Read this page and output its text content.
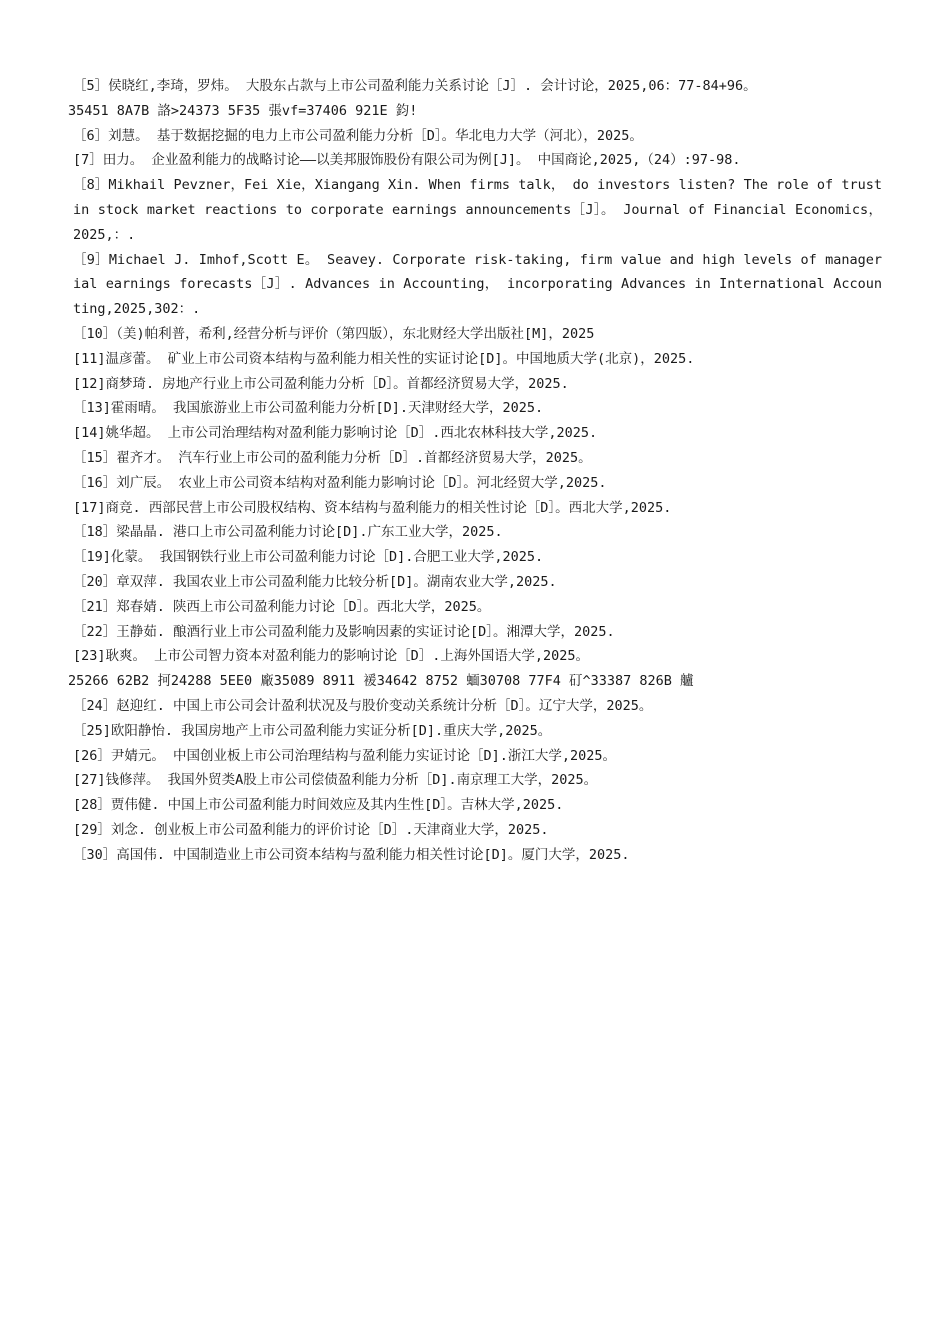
［5］侯晓红,李琦，罗炜。 大股东占款与上市公司盈利能力关系讨论［J］. 会计讨论，2025,06：77-84+96。

35451 8A7B 詻>24373 5F35 張vf=37406 921E 鈞!

［6］刘慧。 基于数据挖掘的电力上市公司盈利能力分析［D］。华北电力大学（河北），2025。

[7］田力。 企业盈利能力的战略讨论——以美邦服饰股份有限公司为例[J]。 中国商论,2025,（24）:97-98.

［8］Mikhail Pevzner，Fei Xie，Xiangang Xin. When firms talk， do investors listen? The role of trust in stock market reactions to corporate earnings announcements［J］。 Journal of Financial Economics，2025,：.

［9］Michael J. Imhof,Scott E。 Seavey. Corporate risk-taking, firm value and high levels of managerial earnings forecasts［J］. Advances in Accounting， incorporating Advances in International Accounting,2025,302：.

［10］（美)帕利普，希利,经营分析与评价（第四版），东北财经大学出版社[M]，2025

[11]温彦蕾。 矿业上市公司资本结构与盈利能力相关性的实证讨论[D]。中国地质大学(北京)，2025.

[12]商梦琦. 房地产行业上市公司盈利能力分析［D］。首都经济贸易大学，2025.

［13]霍雨晴。 我国旅游业上市公司盈利能力分析[D].天津财经大学，2025.

[14]姚华超。 上市公司治理结构对盈利能力影响讨论［D］.西北农林科技大学,2025.

［15］翟齐才。 汽车行业上市公司的盈利能力分析［D］.首都经济贸易大学，2025。

［16］刘广辰。 农业上市公司资本结构对盈利能力影响讨论［D］。河北经贸大学,2025.

[17]商竞. 西部民营上市公司股权结构、资本结构与盈利能力的相关性讨论［D］。西北大学,2025.

［18］梁晶晶. 港口上市公司盈利能力讨论[D].广东工业大学，2025.

［19]化蒙。 我国钢铁行业上市公司盈利能力讨论［D].合肥工业大学,2025.

［20］章双萍. 我国农业上市公司盈利能力比较分析[D]。湖南农业大学,2025.

［21］郑春婧. 陕西上市公司盈利能力讨论［D］。西北大学，2025。

［22］王静茹. 酿酒行业上市公司盈利能力及影响因素的实证讨论[D］。湘潭大学，2025.

[23]耿爽。 上市公司智力资本对盈利能力的影响讨论［D］.上海外国语大学,2025。

25266 62B2 抲24288 5EE0 廠35089 8911 褑34642 8752 蝒30708 77F4 矴^33387 826B 艫

［24］赵迎红. 中国上市公司会计盈利状况及与股价变动关系统计分析［D］。辽宁大学，2025。

［25]欧阳静怡. 我国房地产上市公司盈利能力实证分析[D].重庆大学,2025。

[26］尹婧元。 中国创业板上市公司治理结构与盈利能力实证讨论［D].浙江大学,2025。

[27]钱修萍。 我国外贸类A股上市公司偿债盈利能力分析［D].南京理工大学，2025。

[28］贾伟健. 中国上市公司盈利能力时间效应及其内生性[D］。吉林大学,2025.

[29］刘念. 创业板上市公司盈利能力的评价讨论［D］.天津商业大学，2025.

［30］高国伟. 中国制造业上市公司资本结构与盈利能力相关性讨论[D]。厦门大学，2025.
